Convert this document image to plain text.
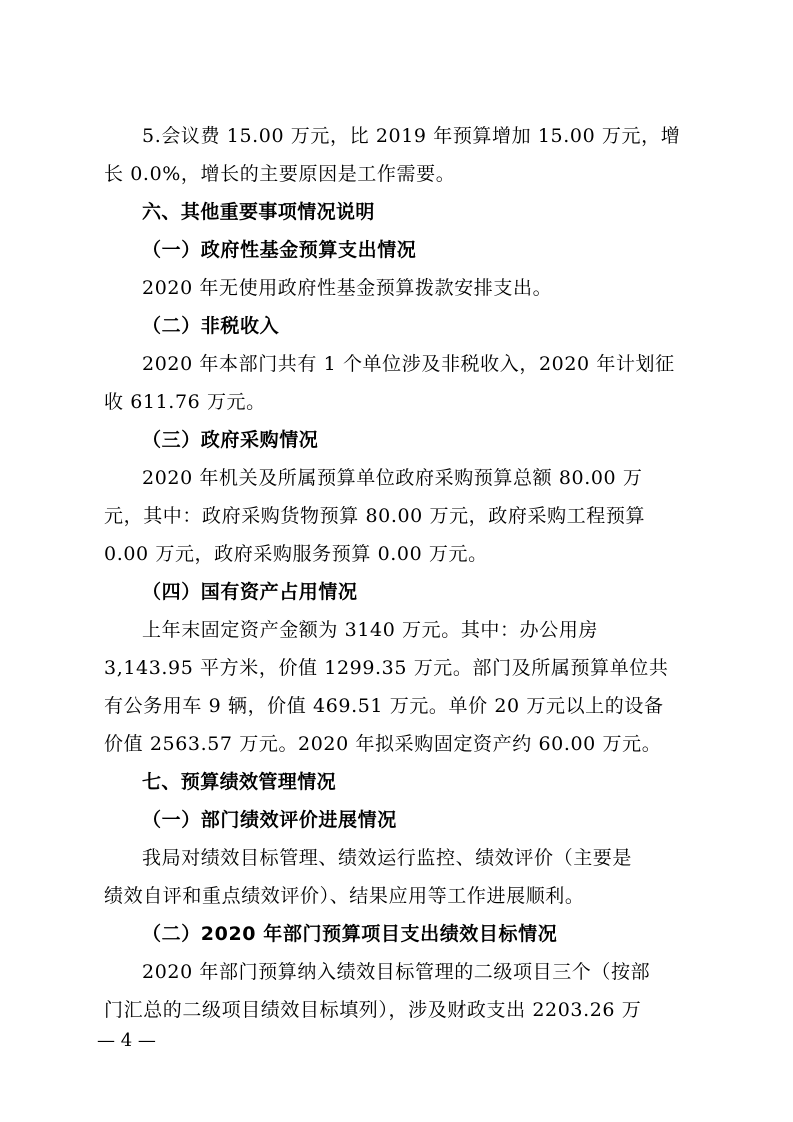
5.会议费 15.00 万元，比 2019 年预算增加 15.00 万元，增
长 0.0%，增长的主要原因是工作需要。
六、其他重要事项情况说明
（一）政府性基金预算支出情况
2020 年无使用政府性基金预算拨款安排支出。
（二）非税收入
2020 年本部门共有 1 个单位涉及非税收入，2020 年计划征
收 611.76 万元。
（三）政府采购情况
2020 年机关及所属预算单位政府采购预算总额 80.00 万
元，其中：政府采购货物预算 80.00 万元，政府采购工程预算
0.00 万元，政府采购服务预算 0.00 万元。
（四）国有资产占用情况
上年末固定资产金额为 3140 万元。其中：办公用房
3,143.95 平方米，价值 1299.35 万元。部门及所属预算单位共
有公务用车 9 辆，价值 469.51 万元。单价 20 万元以上的设备
价值 2563.57 万元。2020 年拟采购固定资产约 60.00 万元。
七、预算绩效管理情况
（一）部门绩效评价进展情况
我局对绩效目标管理、绩效运行监控、绩效评价（主要是
绩效自评和重点绩效评价）、结果应用等工作进展顺利。
（二）2020 年部门预算项目支出绩效目标情况
2020 年部门预算纳入绩效目标管理的二级项目三个（按部
门汇总的二级项目绩效目标填列），涉及财政支出 2203.26 万
— 4 —
